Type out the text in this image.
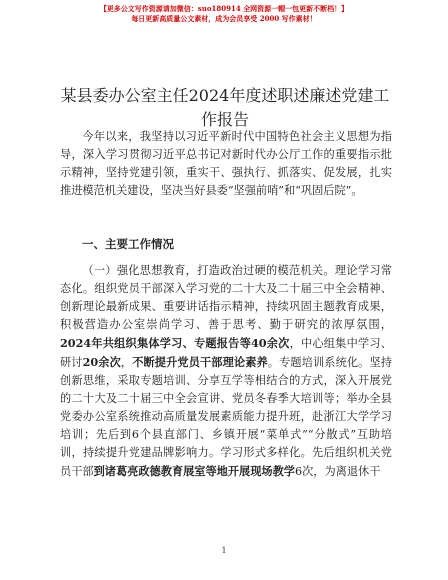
【更多公文写作资源请加微信：suo180914 全网资源一帽一包更新不断档！】
每日更新高质量公文素材，成为会员享受 2000 写作素材！
某县委办公室主任2024年度述职述廉述党建工作报告

今年以来，我坚持以习近平新时代中国特色社会主义思想为指导，深入学习贯彻习近平总书记对新时代办公厅工作的重要指示批示精神，坚持党建引领，重实干、强执行、抓落实、促发展，扎实推进模范机关建设，坚决当好县委“坚强前哨”和“巩固后院”。

一、主要工作情况

（一）强化思想教育，打造政治过硬的模范机关。理论学习常态化。组织党员干部深入学习党的二十大及二十届三中全会精神、创新理论最新成果、重要讲话指示精神，持续巩固主题教育成果，积极营造办公室崇尚学习、善于思考、勤于研究的浓厚氛围，2024年共组织集体学习、专题报告等40余次，中心组集中学习、研讨20余次，不断提升党员干部理论素养。专题培训系统化。坚持创新思维，采取专题培训、分享互学等相结合的方式，深入开展党的二十大及二十届三中全会宣讲、党员冬春季大培训等；举办全县党委办公室系统推动高质量发展素质能力提升班，赴浙江大学学习培训；先后到6个县直部门、乡镇开展“菜单式”“分散式”互助培训，持续提升党建品牌影响力。学习形式多样化。先后组织机关党员干部到诸葛亮政德教育展室等地开展现场教学6次，为离退休干

1
